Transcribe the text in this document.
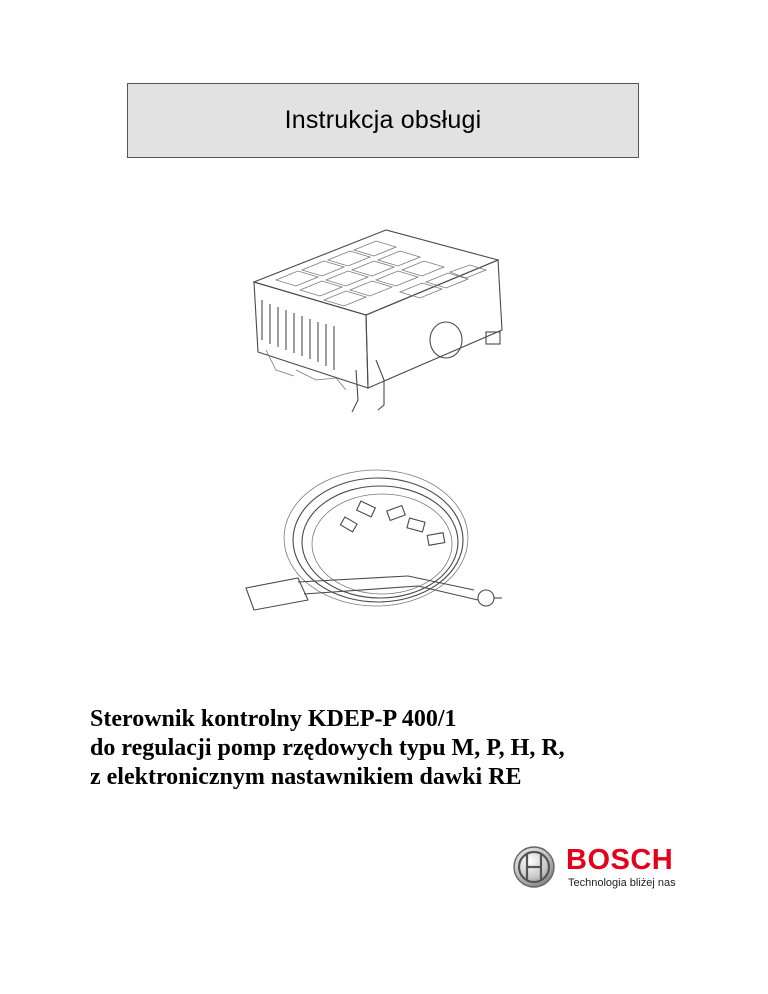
Instrukcja obsługi
Sterownik kontrolny KDEP-P 400/1
do regulacji pomp rzędowych typu M, P, H, R,
z elektronicznym nastawnikiem dawki RE
BOSCH
Technologia bliżej nas
